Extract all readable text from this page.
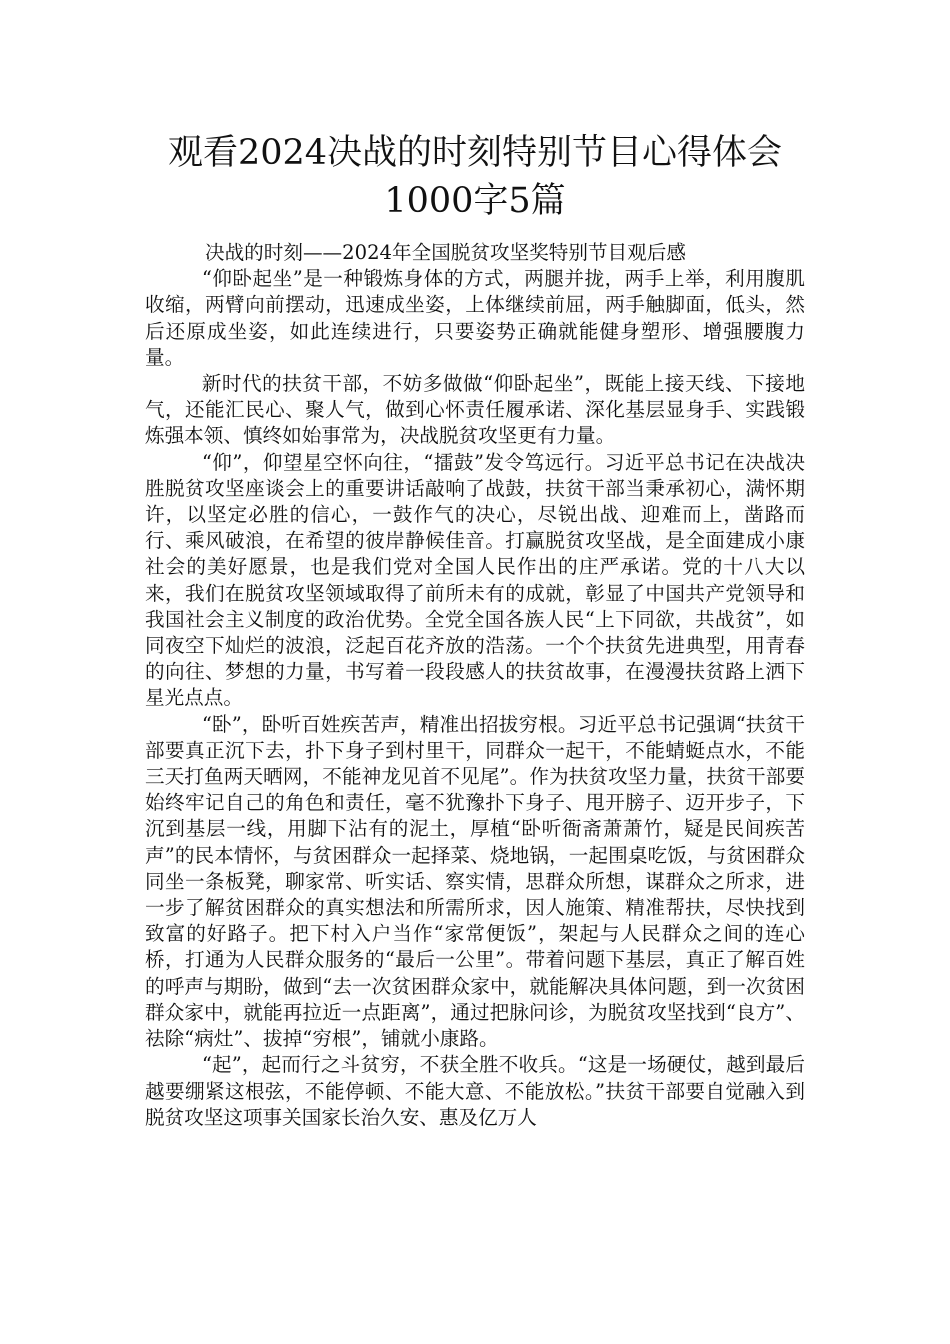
观看2024决战的时刻特别节目心得体会
1000字5篇

决战的时刻——2024年全国脱贫攻坚奖特别节目观后感

“仰卧起坐”是一种锻炼身体的方式，两腿并拢，两手上举，利用腹肌收缩，两臂向前摆动，迅速成坐姿，上体继续前屈，两手触脚面，低头，然后还原成坐姿，如此连续进行，只要姿势正确就能健身塑形、增强腰腹力量。

新时代的扶贫干部，不妨多做做“仰卧起坐”，既能上接天线、下接地气，还能汇民心、聚人气，做到心怀责任履承诺、深化基层显身手、实践锻炼强本领、慎终如始事常为，决战脱贫攻坚更有力量。

“仰”，仰望星空怀向往，“擂鼓”发令笃远行。习近平总书记在决战决胜脱贫攻坚座谈会上的重要讲话敲响了战鼓，扶贫干部当秉承初心，满怀期许，以坚定必胜的信心，一鼓作气的决心，尽锐出战、迎难而上，凿路而行、乘风破浪，在希望的彼岸静候佳音。打赢脱贫攻坚战，是全面建成小康社会的美好愿景，也是我们党对全国人民作出的庄严承诺。党的十八大以来，我们在脱贫攻坚领域取得了前所未有的成就，彰显了中国共产党领导和我国社会主义制度的政治优势。全党全国各族人民“上下同欲，共战贫”，如同夜空下灿烂的波浪，泛起百花齐放的浩荡。一个个扶贫先进典型，用青春的向往、梦想的力量，书写着一段段感人的扶贫故事，在漫漫扶贫路上洒下星光点点。

“卧”，卧听百姓疾苦声，精准出招拔穷根。习近平总书记强调“扶贫干部要真正沉下去，扑下身子到村里干，同群众一起干，不能蜻蜓点水，不能三天打鱼两天晒网，不能神龙见首不见尾”。作为扶贫攻坚力量，扶贫干部要始终牢记自己的角色和责任，毫不犹豫扑下身子、甩开膀子、迈开步子，下沉到基层一线，用脚下沾有的泥土，厚植“卧听衙斋萧萧竹，疑是民间疾苦声”的民本情怀，与贫困群众一起择菜、烧地锅，一起围桌吃饭，与贫困群众同坐一条板凳，聊家常、听实话、察实情，思群众所想，谋群众之所求，进一步了解贫困群众的真实想法和所需所求，因人施策、精准帮扶，尽快找到致富的好路子。把下村入户当作“家常便饭”，架起与人民群众之间的连心桥，打通为人民群众服务的“最后一公里”。带着问题下基层，真正了解百姓的呼声与期盼，做到“去一次贫困群众家中，就能解决具体问题，到一次贫困群众家中，就能再拉近一点距离”，通过把脉问诊，为脱贫攻坚找到“良方”、祛除“病灶”、拔掉“穷根”，铺就小康路。

“起”，起而行之斗贫穷，不获全胜不收兵。“这是一场硬仗，越到最后越要绷紧这根弦，不能停顿、不能大意、不能放松。”扶贫干部要自觉融入到脱贫攻坚这项事关国家长治久安、惠及亿万人
